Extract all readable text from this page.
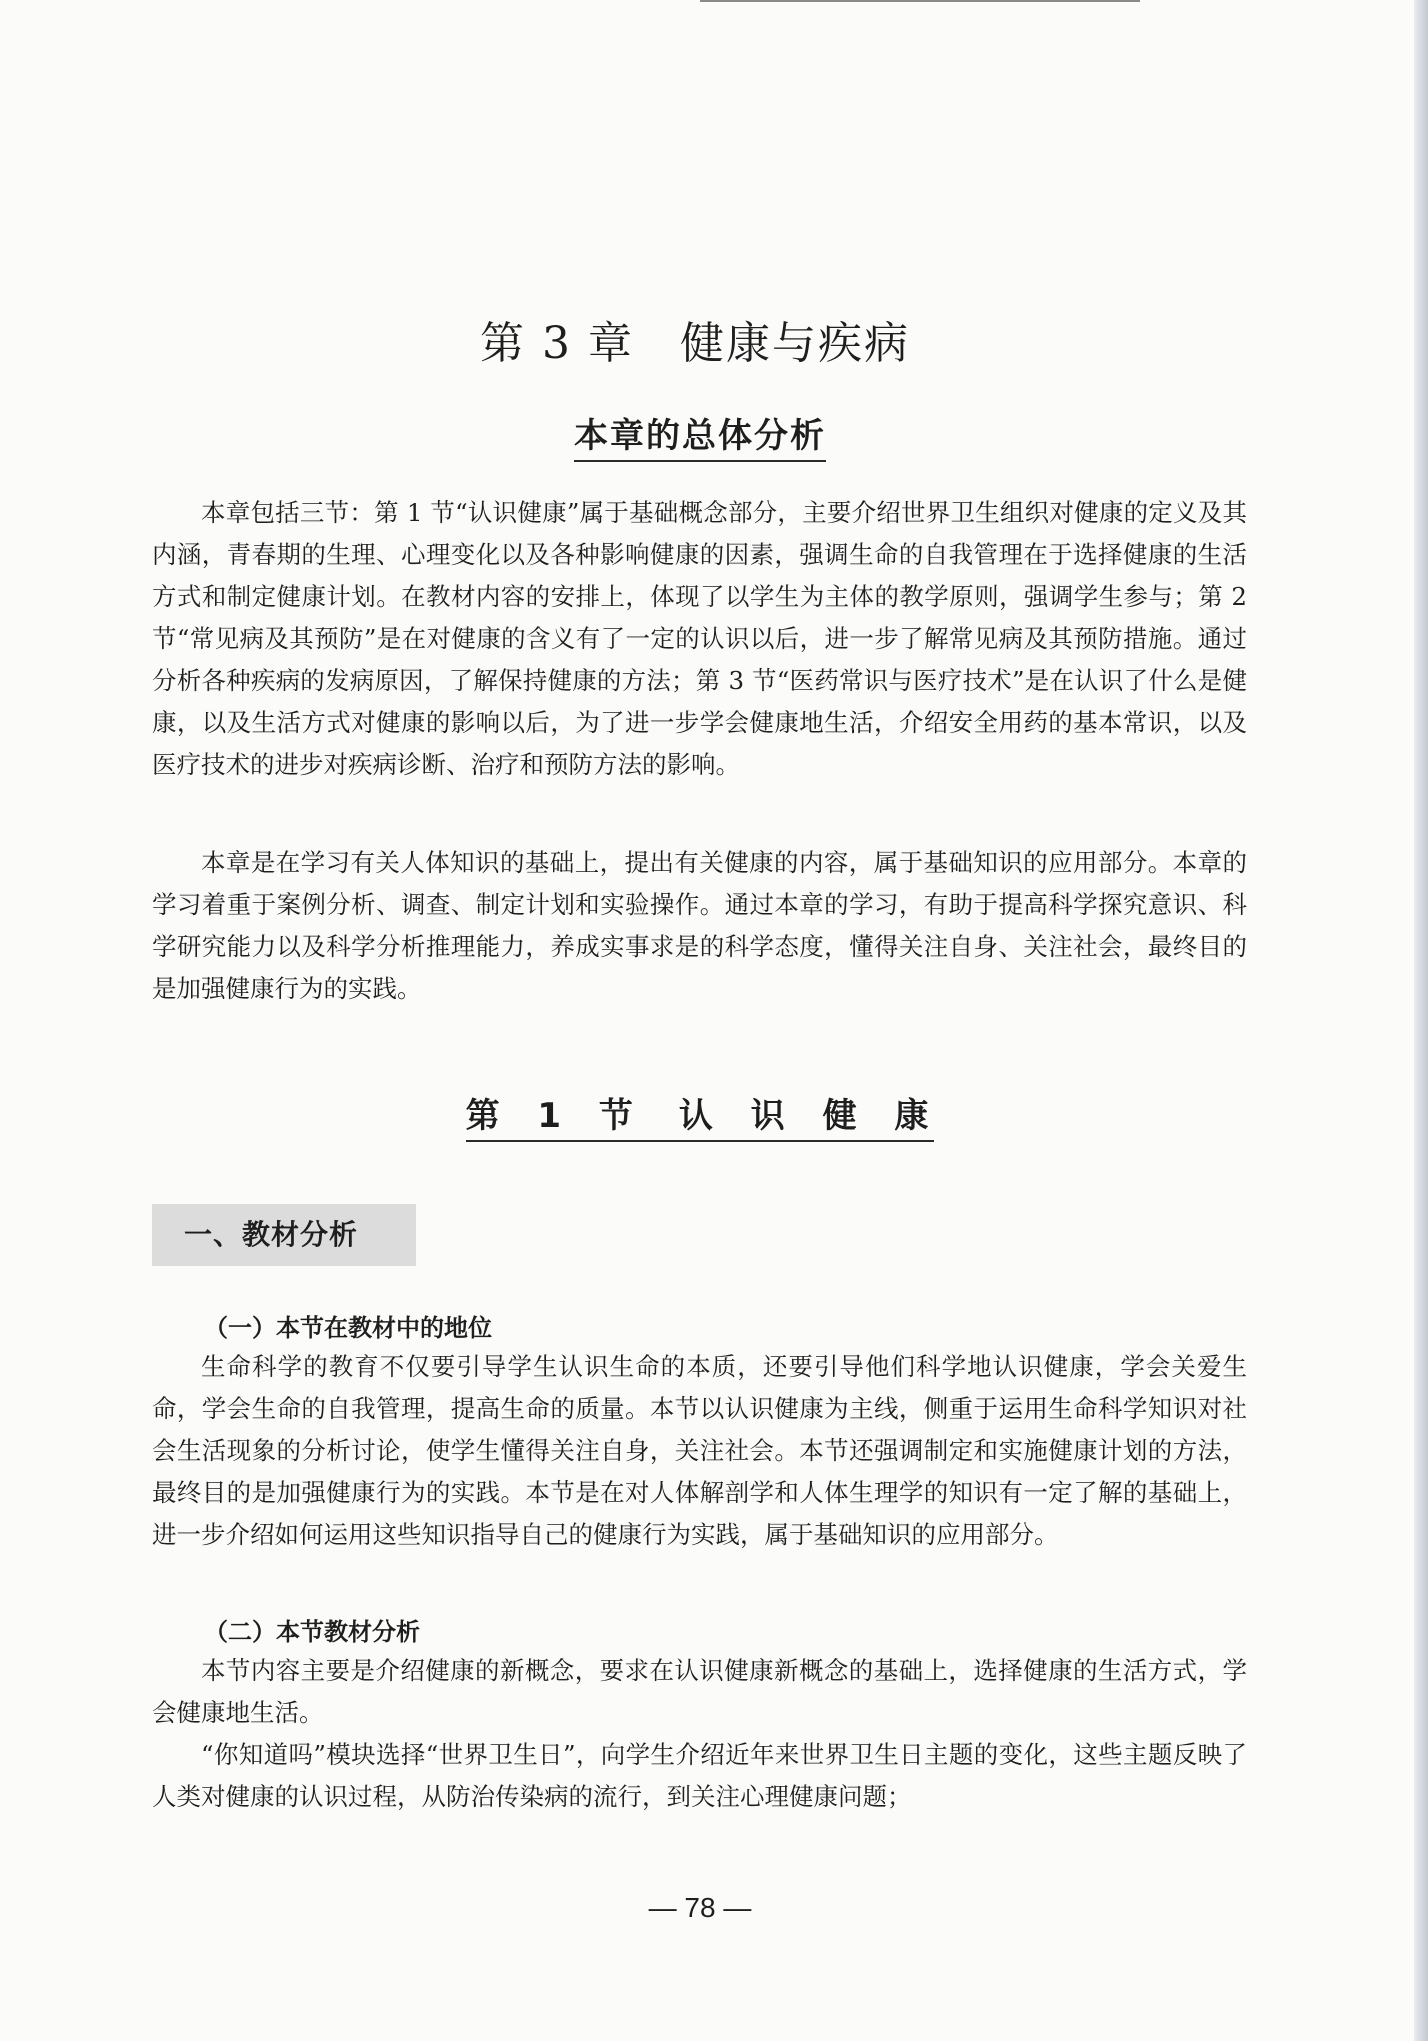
第 3 章　健康与疾病
本章的总体分析

本章包括三节：第 1 节“认识健康”属于基础概念部分，主要介绍世界卫生组织对健康的定义及其内涵，青春期的生理、心理变化以及各种影响健康的因素，强调生命的自我管理在于选择健康的生活方式和制定健康计划。在教材内容的安排上，体现了以学生为主体的教学原则，强调学生参与；第 2 节“常见病及其预防”是在对健康的含义有了一定的认识以后，进一步了解常见病及其预防措施。通过分析各种疾病的发病原因，了解保持健康的方法；第 3 节“医药常识与医疗技术”是在认识了什么是健康，以及生活方式对健康的影响以后，为了进一步学会健康地生活，介绍安全用药的基本常识，以及医疗技术的进步对疾病诊断、治疗和预防方法的影响。

本章是在学习有关人体知识的基础上，提出有关健康的内容，属于基础知识的应用部分。本章的学习着重于案例分析、调查、制定计划和实验操作。通过本章的学习，有助于提高科学探究意识、科学研究能力以及科学分析推理能力，养成实事求是的科学态度，懂得关注自身、关注社会，最终目的是加强健康行为的实践。

第 1 节　认 识 健 康
一、教材分析
（一）本节在教材中的地位

生命科学的教育不仅要引导学生认识生命的本质，还要引导他们科学地认识健康，学会关爱生命，学会生命的自我管理，提高生命的质量。本节以认识健康为主线，侧重于运用生命科学知识对社会生活现象的分析讨论，使学生懂得关注自身，关注社会。本节还强调制定和实施健康计划的方法，最终目的是加强健康行为的实践。本节是在对人体解剖学和人体生理学的知识有一定了解的基础上，进一步介绍如何运用这些知识指导自己的健康行为实践，属于基础知识的应用部分。

（二）本节教材分析

本节内容主要是介绍健康的新概念，要求在认识健康新概念的基础上，选择健康的生活方式，学会健康地生活。

“你知道吗”模块选择“世界卫生日”，向学生介绍近年来世界卫生日主题的变化，这些主题反映了人类对健康的认识过程，从防治传染病的流行，到关注心理健康问题；

— 78 —
